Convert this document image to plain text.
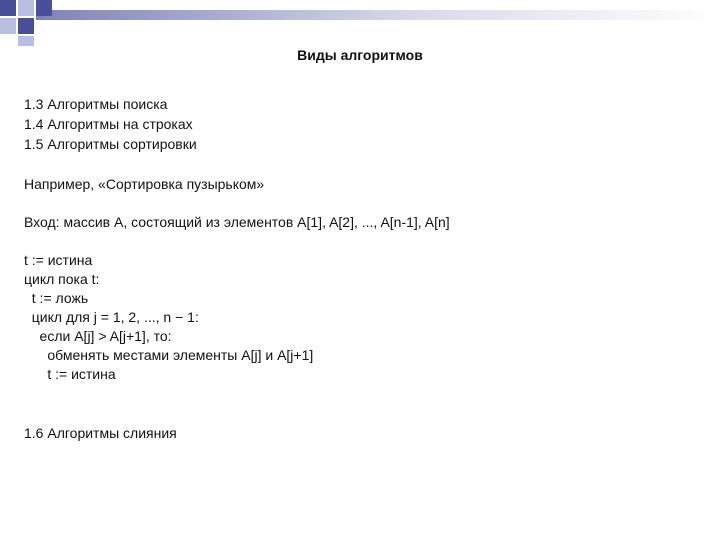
Виды алгоритмов
1.3 Алгоритмы поиска
1.4 Алгоритмы на строках
1.5 Алгоритмы сортировки
Например, «Сортировка пузырьком»
Вход: массив A, состоящий из элементов A[1], A[2], ..., A[n-1], A[n]
t := истина
цикл пока t:
t := ложь
цикл для j = 1, 2, ..., n − 1:
если A[j] > A[j+1], то:
обменять местами элементы A[j] и A[j+1]
t := истина
1.6 Алгоритмы слияния
